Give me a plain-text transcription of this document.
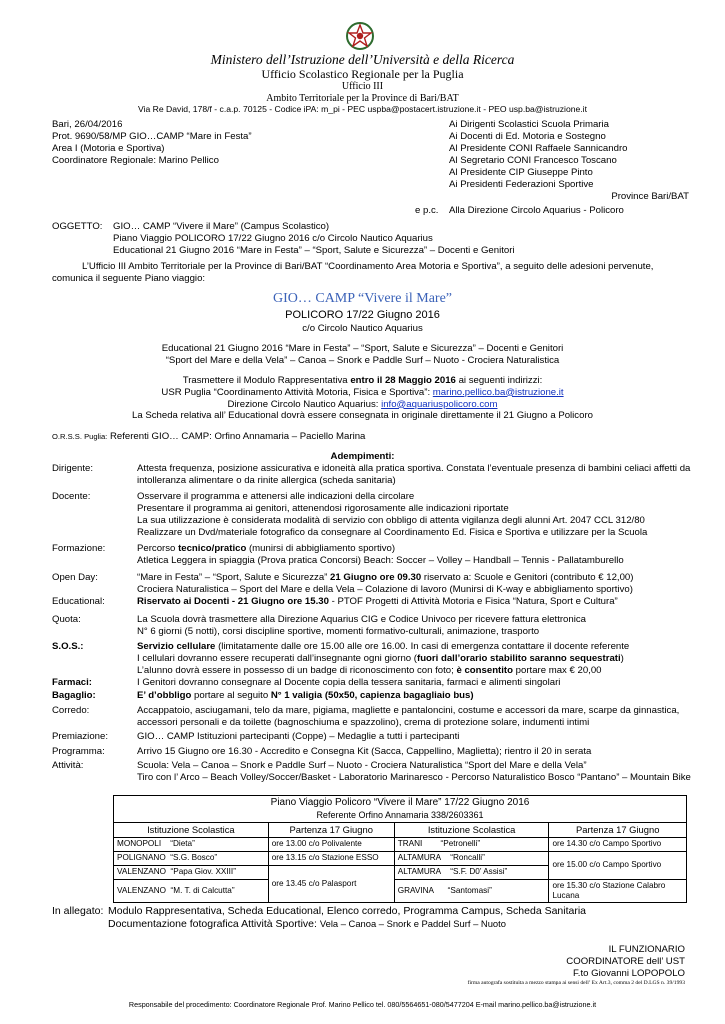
Ministero dell’Istruzione dell’Università e della Ricerca
Ufficio Scolastico Regionale per la Puglia
Ufficio III
Ambito Territoriale per la Province di Bari/BAT
Via Re David, 178/f - c.a.p. 70125 - Codice iPA: m_pi - PEC uspba@postacert.istruzione.it - PEO usp.ba@istruzione.it
Bari, 26/04/2016
Prot. 9690/58/MP GIO…CAMP “Mare in Festa”
Area I (Motoria e Sportiva)
Coordinatore Regionale: Marino Pellico
Ai Dirigenti Scolastici Scuola Primaria
Ai Docenti di Ed. Motoria e Sostegno
Al Presidente CONI Raffaele Sannicandro
Al Segretario CONI Francesco Toscano
Al Presidente CIP Giuseppe Pinto
Ai Presidenti Federazioni Sportive
Province Bari/BAT
e p.c. Alla Direzione Circolo Aquarius - Policoro
OGGETTO: GIO… CAMP “Vivere il Mare” (Campus Scolastico)
Piano Viaggio POLICORO 17/22 Giugno 2016 c/o Circolo Nautico Aquarius
Educational 21 Giugno 2016 “Mare in Festa” – “Sport, Salute e Sicurezza” – Docenti e Genitori
L’Ufficio III Ambito Territoriale per la Province di Bari/BAT “Coordinamento Area Motoria e Sportiva”, a seguito delle adesioni pervenute, comunica il seguente Piano viaggio:
GIO… CAMP “Vivere il Mare”
POLICORO 17/22 Giugno 2016
c/o Circolo Nautico Aquarius
Educational 21 Giugno 2016 “Mare in Festa” – “Sport, Salute e Sicurezza” – Docenti e Genitori
“Sport del Mare e della Vela” – Canoa – Snork e Paddle Surf – Nuoto - Crociera Naturalistica
Trasmettere il Modulo Rappresentativa entro il 28 Maggio 2016 ai seguenti indirizzi:
USR Puglia “Coordinamento Attività Motoria, Fisica e Sportiva”: marino.pellico.ba@istruzione.it
Direzione Circolo Nautico Aquarius: info@aquariuspolicoro.com
La Scheda relativa all’ Educational dovrà essere consegnata in originale direttamente il 21 Giugno a Policoro
O.R.S.S. Puglia: Referenti GIO… CAMP: Orfino Annamaria – Paciello Marina
Adempimenti:
Dirigente:	Attesta frequenza, posizione assicurativa e idoneità alla pratica sportiva. Constata l’eventuale presenza di bambini celiaci affetti da intolleranza alimentare o da rinite allergica (scheda sanitaria)
Docente:	Osservare il programma e attenersi alle indicazioni della circolare
Presentare il programma ai genitori, attenendosi rigorosamente alle indicazioni riportate
La sua utilizzazione è considerata modalità di servizio con obbligo di attenta vigilanza degli alunni Art. 2047 CCL 312/80
Realizzare un Dvd/materiale fotografico da consegnare al Coordinamento Ed. Fisica e Sportiva e utilizzare per la Scuola
Formazione:	Percorso tecnico/pratico (munirsi di abbigliamento sportivo)
Atletica Leggera in spiaggia (Prova pratica Concorsi) Beach: Soccer – Volley – Handball – Tennis - Pallatamburello
Open Day:	“Mare in Festa” – “Sport, Salute e Sicurezza” 21 Giugno ore 09.30 riservato a: Scuole e Genitori (contributo € 12,00)
Crociera Naturalistica – Sport del Mare e della Vela – Colazione di lavoro (Munirsi di K-way e abbigliamento sportivo)
Educational:	Riservato ai Docenti - 21 Giugno ore 15.30 - PTOF Progetti di Attività Motoria e Fisica “Natura, Sport e Cultura”
Quota:	La Scuola dovrà trasmettere alla Direzione Aquarius CIG e Codice Univoco per ricevere fattura elettronica
N° 6 giorni (5 notti), corsi discipline sportive, momenti formativo-culturali, animazione, trasporto
S.O.S.:	Servizio cellulare (limitatamente dalle ore 15.00 alle ore 16.00. In casi di emergenza contattare il docente referente
I cellulari dovranno essere recuperati dall’insegnante ogni giorno (fuori dall’orario stabilito saranno sequestrati)
L’alunno dovrà essere in possesso di un badge di riconoscimento con foto; è consentito portare max € 20,00
Farmaci:	I Genitori dovranno consegnare al Docente copia della tessera sanitaria, farmaci e alimenti singolari
Bagaglio:	E’ d’obbligo portare al seguito N° 1 valigia (50x50, capienza bagagliaio bus)
Corredo:	Accappatoio, asciugamani, telo da mare, pigiama, magliette e pantaloncini, costume e accessori da mare, scarpe da ginnastica, accessori personali e da toilette (bagnoschiuma e spazzolino), crema di protezione solare, indumenti intimi
Premiazione:	GIO… CAMP Istituzioni partecipanti (Coppe) – Medaglie a tutti i partecipanti
Programma:	Arrivo 15 Giugno ore 16.30 - Accredito e Consegna Kit (Sacca, Cappellino, Maglietta); rientro il 20 in serata
Attività:	Scuola: Vela – Canoa – Snork e Paddle Surf – Nuoto - Crociera Naturalistica “Sport del Mare e della Vela”
Tiro con l’ Arco – Beach Volley/Soccer/Basket - Laboratorio Marinaresco - Percorso Naturalistico Bosco “Pantano” – Mountain Bike
Piano Viaggio Policoro “Vivere il Mare” 17/22 Giugno 2016
Referente Orfino Annamaria 338/2603361			

Istituzione Scolastica	Partenza 17 Giugno	Istituzione Scolastica	Partenza 17 Giugno
MONOPOLI “Dieta”	ore 13.00 c/o Polivalente	TRANI “Petronelli”	ore 14.30 c/o Campo Sportivo
POLIGNANO “S.G. Bosco”	ore 13.15 c/o Stazione ESSO	ALTAMURA “Roncalli”	ore 15.00 c/o Campo Sportivo
VALENZANO “Papa Giov. XXIII”	ore 13.45 c/o Palasport	ALTAMURA “S.F. D0’ Assisi”	
VALENZANO “M. T. di Calcutta”		GRAVINA “Santomasi”	ore 15.30 c/o Stazione Calabro Lucana
In allegato: Modulo Rappresentativa, Scheda Educational, Elenco corredo, Programma Campus, Scheda Sanitaria
Documentazione fotografica Attività Sportive: Vela – Canoa – Snork e Paddel Surf – Nuoto
IL FUNZIONARIO
COORDINATORE dell’ UST
F.to Giovanni LOPOPOLO
firma autografa sostituita a mezzo stampa ai sensi dell’ Ex Art.3, comma 2 del D.LGS n. 39/1993
Responsabile del procedimento: Coordinatore Regionale Prof. Marino Pellico tel. 080/5564651-080/5477204 E-mail marino.pellico.ba@istruzione.it
